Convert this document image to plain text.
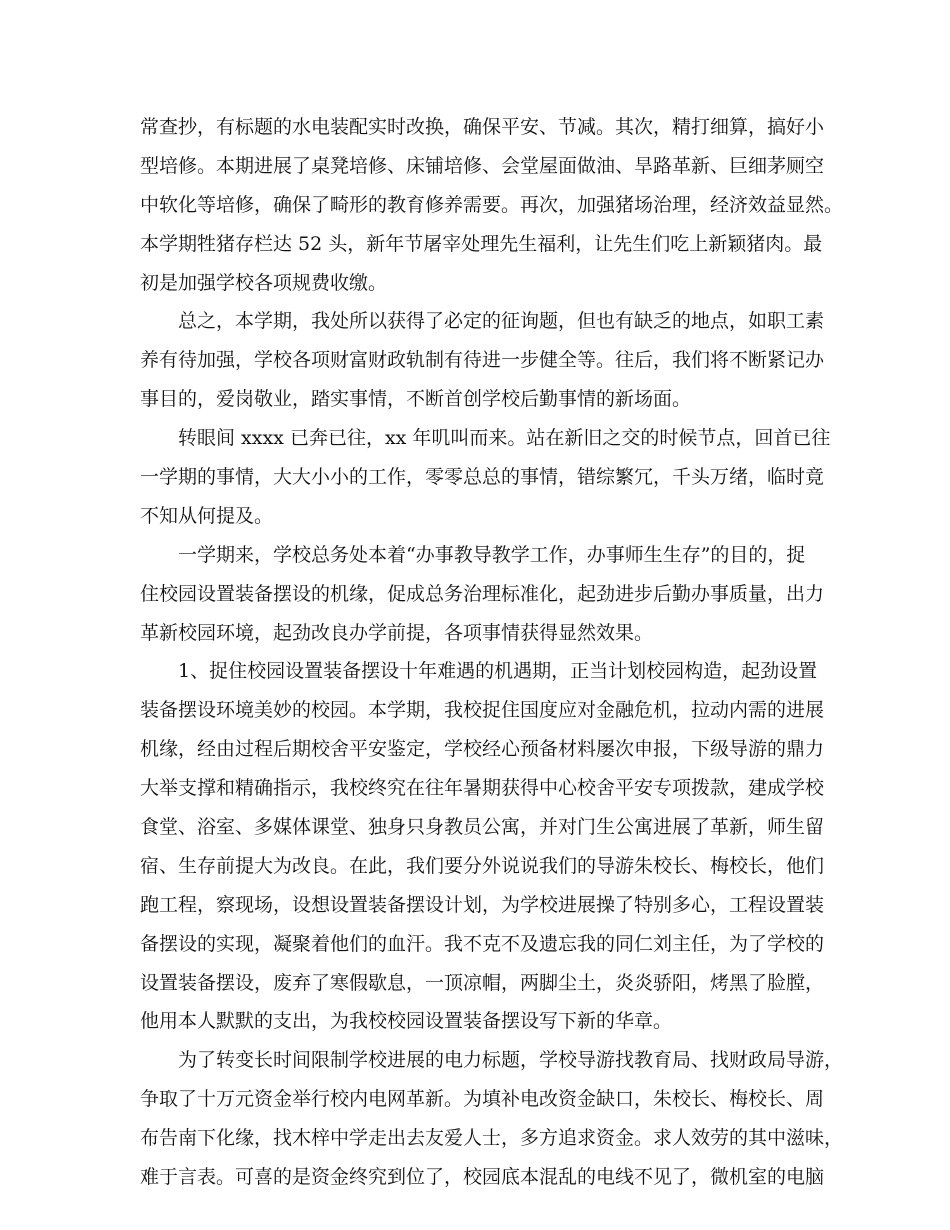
常查抄，有标题的水电装配实时改换，确保平安、节减。其次，精打细算，搞好小
型培修。本期进展了桌凳培修、床铺培修、会堂屋面做油、旱路革新、巨细茅厕空
中软化等培修，确保了畸形的教育修养需要。再次，加强猪场治理，经济效益显然。
本学期牲猪存栏达 52 头，新年节屠宰处理先生福利，让先生们吃上新颖猪肉。最
初是加强学校各项规费收缴。
总之，本学期，我处所以获得了必定的征询题，但也有缺乏的地点，如职工素
养有待加强，学校各项财富财政轨制有待进一步健全等。往后，我们将不断紧记办
事目的，爱岗敬业，踏实事情，不断首创学校后勤事情的新场面。
转眼间 xxxx 已奔已往，xx 年叽叫而来。站在新旧之交的时候节点，回首已往
一学期的事情，大大小小的工作，零零总总的事情，错综繁冗，千头万绪，临时竟
不知从何提及。
一学期来，学校总务处本着“办事教导教学工作，办事师生生存”的目的，捉
住校园设置装备摆设的机缘，促成总务治理标准化，起劲进步后勤办事质量，出力
革新校园环境，起劲改良办学前提，各项事情获得显然效果。
1、捉住校园设置装备摆设十年难遇的机遇期，正当计划校园构造，起劲设置
装备摆设环境美妙的校园。本学期，我校捉住国度应对金融危机，拉动内需的进展
机缘，经由过程后期校舍平安鉴定，学校经心预备材料屡次申报，下级导游的鼎力
大举支撑和精确指示，我校终究在往年暑期获得中心校舍平安专项拨款，建成学校
食堂、浴室、多媒体课堂、独身只身教员公寓，并对门生公寓进展了革新，师生留
宿、生存前提大为改良。在此，我们要分外说说我们的导游朱校长、梅校长，他们
跑工程，察现场，设想设置装备摆设计划，为学校进展操了特别多心，工程设置装
备摆设的实现，凝聚着他们的血汗。我不克不及遗忘我的同仁刘主任，为了学校的
设置装备摆设，废弃了寒假歇息，一顶凉帽，两脚尘土，炎炎骄阳，烤黑了脸膛，
他用本人默默的支出，为我校校园设置装备摆设写下新的华章。
为了转变长时间限制学校进展的电力标题，学校导游找教育局、找财政局导游，
争取了十万元资金举行校内电网革新。为填补电改资金缺口，朱校长、梅校长、周
布告南下化缘，找木梓中学走出去友爱人士，多方追求资金。求人效劳的其中滋味，
难于言表。可喜的是资金终究到位了，校园底本混乱的电线不见了，微机室的电脑
